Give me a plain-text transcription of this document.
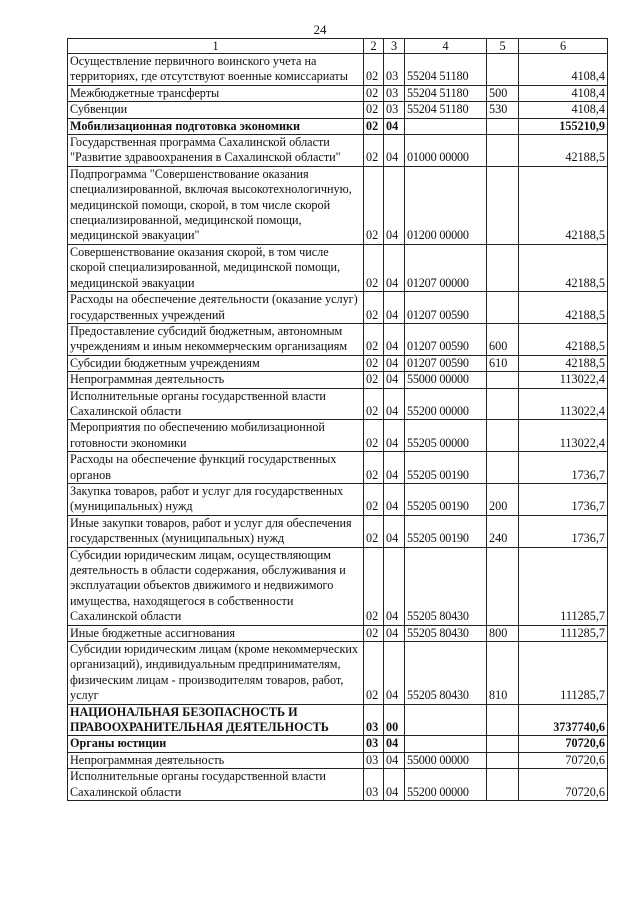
24
1	2	3	4	5	6
Осуществление первичного воинского учета на территориях, где отсутствуют военные комиссариаты	02	03	55204 51180		4108,4
Межбюджетные трансферты	02	03	55204 51180	500	4108,4
Субвенции	02	03	55204 51180	530	4108,4
Мобилизационная подготовка экономики	02	04			155210,9
Государственная программа Сахалинской области "Развитие здравоохранения в Сахалинской области"	02	04	01000 00000		42188,5
Подпрограмма "Совершенствование оказания специализированной, включая высокотехнологичную, медицинской помощи, скорой, в том числе скорой специализированной, медицинской помощи, медицинской эвакуации"	02	04	01200 00000		42188,5
Совершенствование оказания скорой, в том числе скорой специализированной, медицинской помощи, медицинской эвакуации	02	04	01207 00000		42188,5
Расходы на обеспечение деятельности (оказание услуг) государственных учреждений	02	04	01207 00590		42188,5
Предоставление субсидий бюджетным, автономным учреждениям и иным некоммерческим организациям	02	04	01207 00590	600	42188,5
Субсидии бюджетным учреждениям	02	04	01207 00590	610	42188,5
Непрограммная деятельность	02	04	55000 00000		113022,4
Исполнительные органы государственной власти Сахалинской области	02	04	55200 00000		113022,4
Мероприятия по обеспечению мобилизационной готовности экономики	02	04	55205 00000		113022,4
Расходы на обеспечение функций государственных органов	02	04	55205 00190		1736,7
Закупка товаров, работ и услуг для государственных (муниципальных) нужд	02	04	55205 00190	200	1736,7
Иные закупки товаров, работ и услуг для обеспечения государственных (муниципальных) нужд	02	04	55205 00190	240	1736,7
Субсидии юридическим лицам, осуществляющим деятельность в области содержания, обслуживания и эксплуатации объектов движимого и недвижимого имущества, находящегося в собственности Сахалинской области	02	04	55205 80430		111285,7
Иные бюджетные ассигнования	02	04	55205 80430	800	111285,7
Субсидии юридическим лицам (кроме некоммерческих организаций), индивидуальным предпринимателям, физическим лицам - производителям товаров, работ, услуг	02	04	55205 80430	810	111285,7
НАЦИОНАЛЬНАЯ БЕЗОПАСНОСТЬ И ПРАВООХРАНИТЕЛЬНАЯ ДЕЯТЕЛЬНОСТЬ	03	00			3737740,6
Органы юстиции	03	04			70720,6
Непрограммная деятельность	03	04	55000 00000		70720,6
Исполнительные органы государственной власти Сахалинской области	03	04	55200 00000		70720,6
